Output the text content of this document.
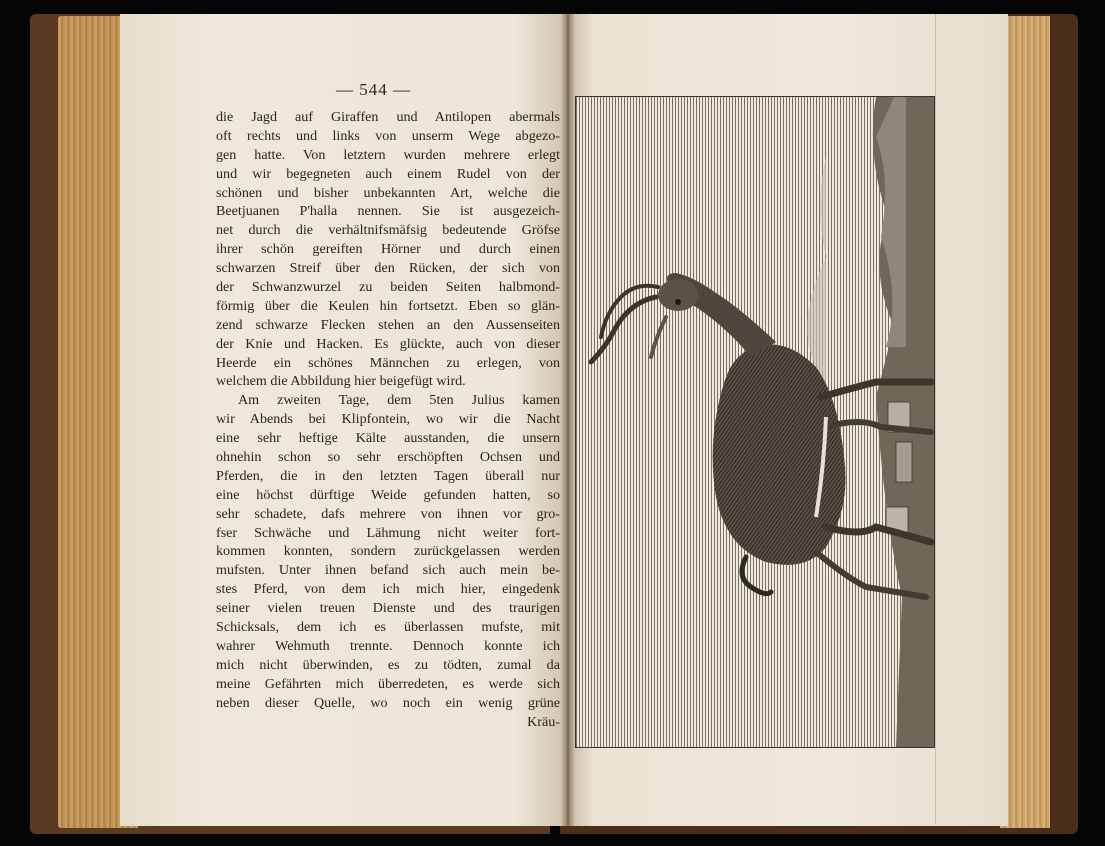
— 544 —
die Jagd auf Giraffen und Antilopen abermals
oft rechts und links von unserm Wege abgezo-
gen hatte. Von letztern wurden mehrere erlegt
und wir begegneten auch einem Rudel von der
schönen und bisher unbekannten Art, welche die
Beetjuanen P'halla nennen. Sie ist ausgezeich-
net durch die verhältnifsmäfsig bedeutende Gröfse
ihrer schön gereiften Hörner und durch einen
schwarzen Streif über den Rücken, der sich von
der Schwanzwurzel zu beiden Seiten halbmond-
förmig über die Keulen hin fortsetzt. Eben so glän-
zend schwarze Flecken stehen an den Aussenseiten
der Knie und Hacken. Es glückte, auch von dieser
Heerde ein schönes Männchen zu erlegen, von
welchem die Abbildung hier beigefügt wird.
Am zweiten Tage, dem 5ten Julius kamen
wir Abends bei Klipfontein, wo wir die Nacht
eine sehr heftige Kälte ausstanden, die unsern
ohnehin schon so sehr erschöpften Ochsen und
Pferden, die in den letzten Tagen überall nur
eine höchst dürftige Weide gefunden hatten, so
sehr schadete, dafs mehrere von ihnen vor gro-
fser Schwäche und Lähmung nicht weiter fort-
kommen konnten, sondern zurückgelassen werden
mufsten. Unter ihnen befand sich auch mein be-
stes Pferd, von dem ich mich hier, eingedenk
seiner vielen treuen Dienste und des traurigen
Schicksals, dem ich es überlassen mufste, mit
wahrer Wehmuth trennte. Dennoch konnte ich
mich nicht überwinden, es zu tödten, zumal da
meine Gefährten mich überredeten, es werde sich
neben dieser Quelle, wo noch ein wenig grüne
Kräu-
